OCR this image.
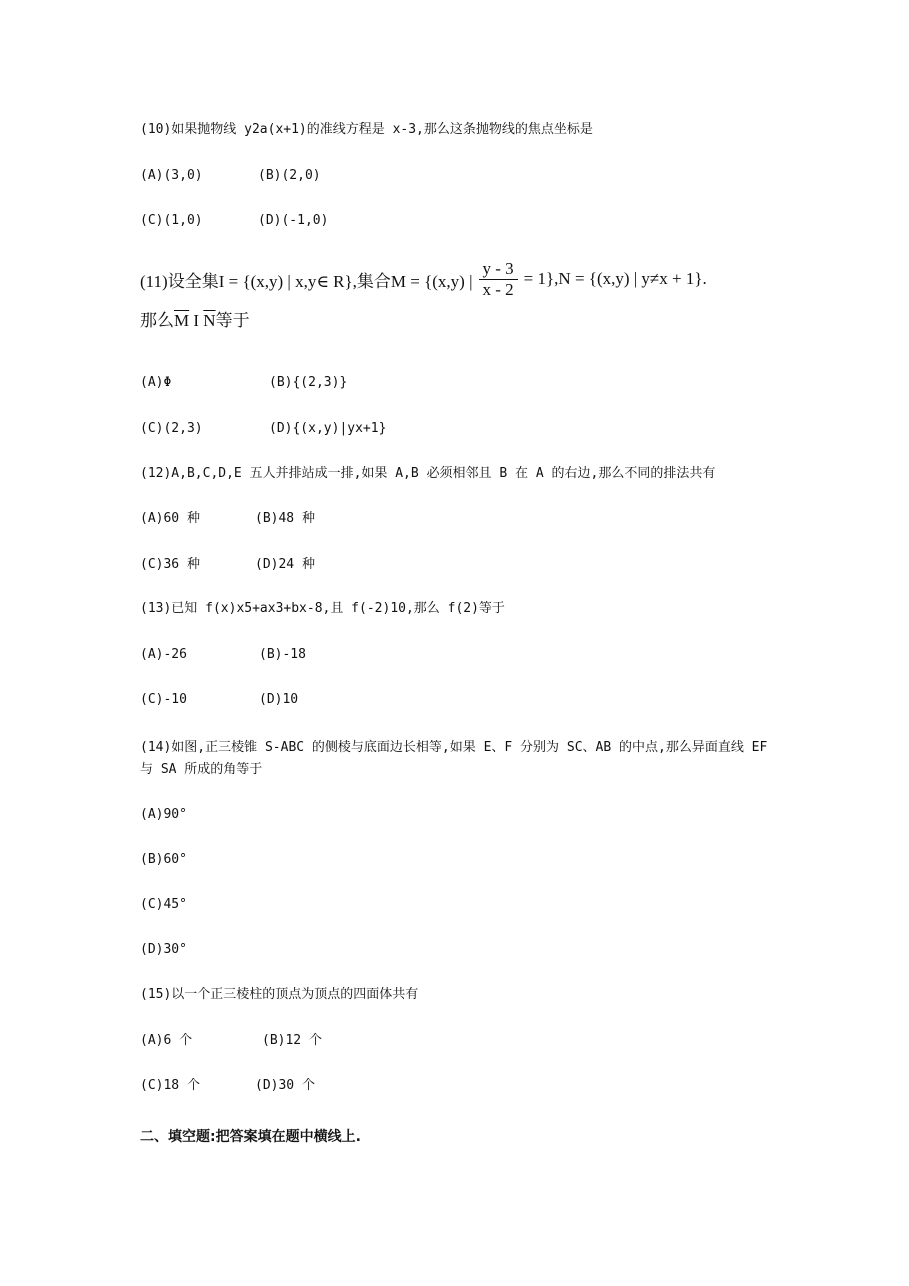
(10)如果抛物线 y2a(x+1)的准线方程是 x-3,那么这条抛物线的焦点坐标是
(A)(3,0)	(B)(2,0)
(C)(1,0)	(D)(-1,0)
(11)设全集I = {(x,y) | x,y∈ R},集合M = {(x,y) | $\frac{y - 3}{x - 2} = 1\},N = \{(x,y)$ | y≠x + 1}.
那么$\overline{M}$ I $\overline{N}$等于
(A)Φ	(B){(2,3)}
(C)(2,3)	(D){(x,y)|yx+1}
(12)A,B,C,D,E 五人并排站成一排,如果 A,B 必须相邻且 B 在 A 的右边,那么不同的排法共有
(A)60 种	(B)48 种
(C)36 种	(D)24 种
(13)已知 f(x)x5+ax3+bx-8,且 f(-2)10,那么 f(2)等于
(A)-26	(B)-18
(C)-10	(D)10
(14)如图,正三棱锥 S-ABC 的侧棱与底面边长相等,如果 E、F 分别为 SC、AB 的中点,那么异面直线 EF 与 SA 所成的角等于
(A)90°
(B)60°
(C)45°
(D)30°
(15)以一个正三棱柱的顶点为顶点的四面体共有
(A)6 个	(B)12 个
(C)18 个	(D)30 个
二、填空题:把答案填在题中横线上.
